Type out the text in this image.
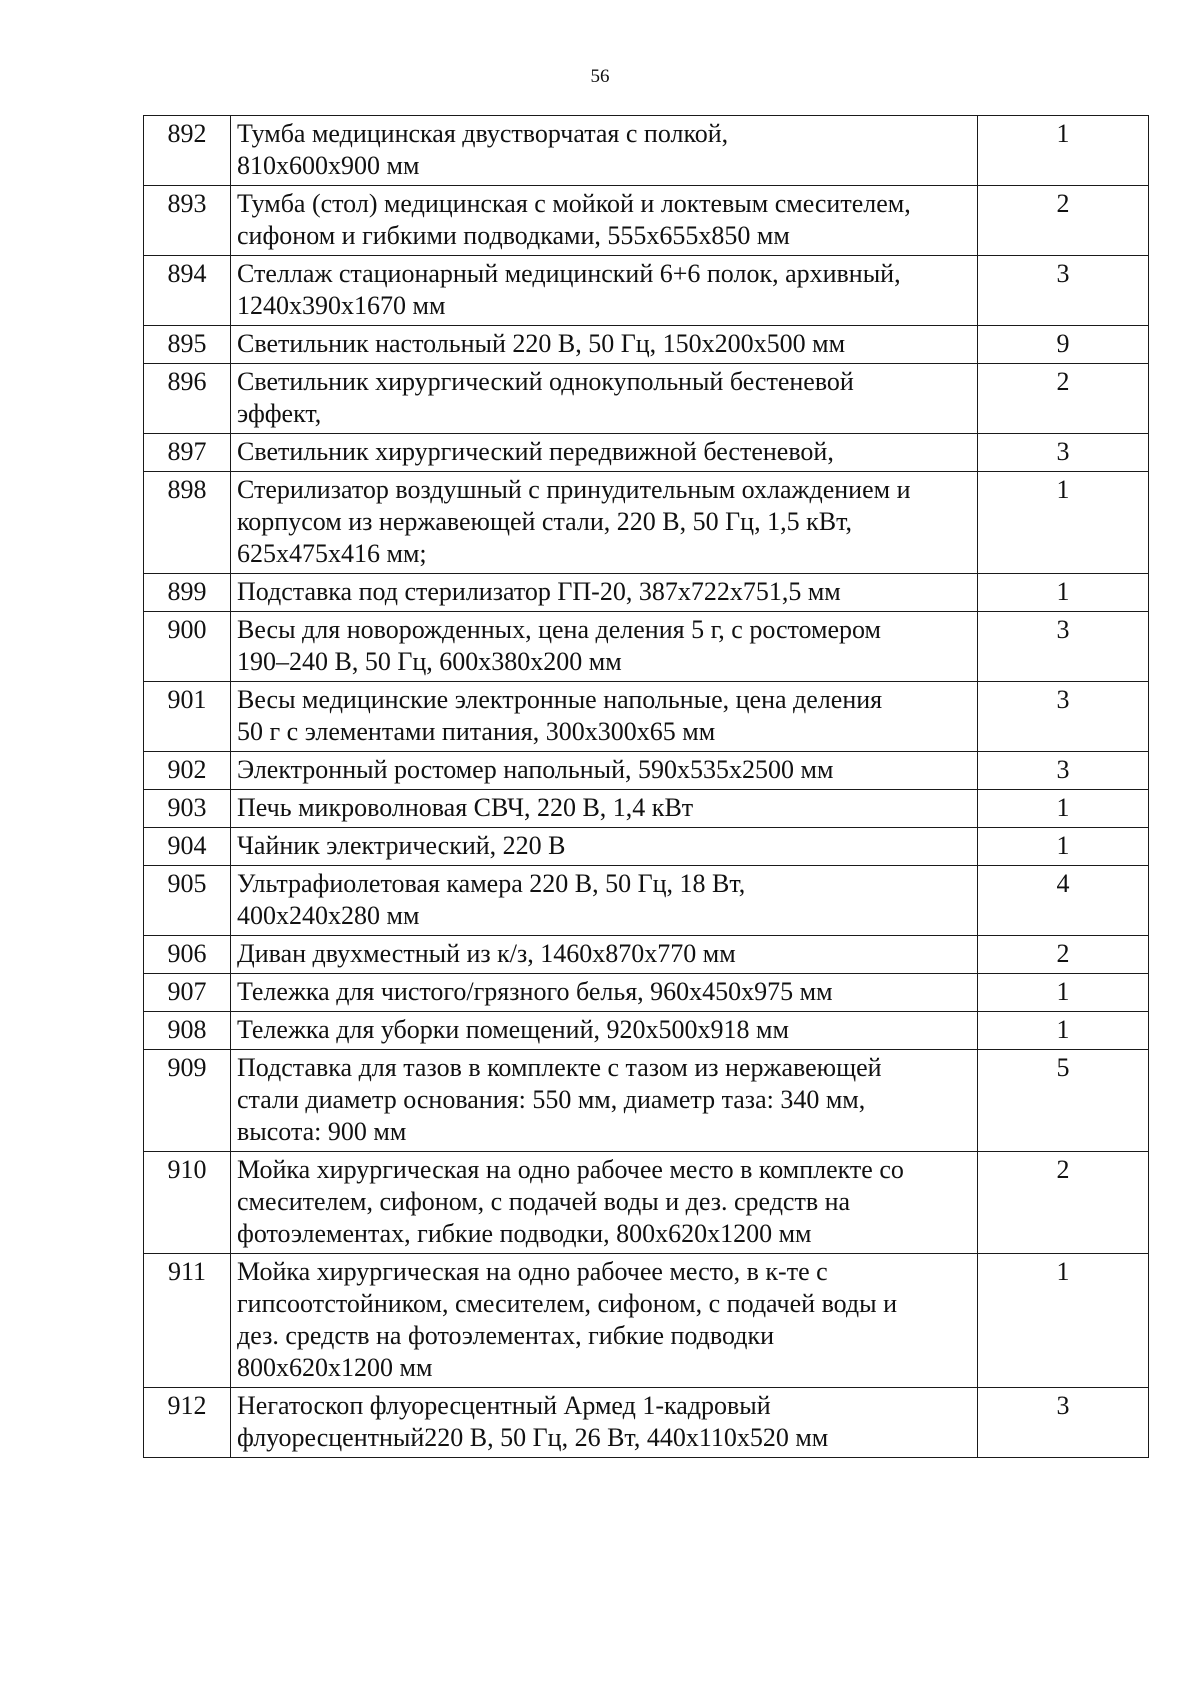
56
892	Тумба медицинская двустворчатая с полкой,
810х600х900 мм	1
893	Тумба (стол) медицинская с мойкой и локтевым смесителем,
сифоном и гибкими подводками, 555х655х850 мм	2
894	Стеллаж стационарный медицинский 6+6 полок, архивный,
1240х390х1670 мм	3
895	Светильник настольный 220 В, 50 Гц, 150х200х500 мм	9
896	Светильник хирургический однокупольный бестеневой
эффект,	2
897	Светильник хирургический передвижной бестеневой,	3
898	Стерилизатор воздушный с принудительным охлаждением и
корпусом из нержавеющей стали, 220 В, 50 Гц, 1,5 кВт,
625х475х416 мм;	1
899	Подставка под стерилизатор ГП-20, 387х722х751,5 мм	1
900	Весы для новорожденных, цена деления 5 г, с ростомером
190–240 В, 50 Гц, 600х380х200 мм	3
901	Весы медицинские электронные напольные, цена деления
50 г с элементами питания, 300х300х65 мм	3
902	Электронный ростомер напольный, 590х535х2500 мм	3
903	Печь микроволновая СВЧ, 220 В, 1,4 кВт	1
904	Чайник электрический, 220 В	1
905	Ультрафиолетовая камера 220 В, 50 Гц, 18 Вт,
400х240х280 мм	4
906	Диван двухместный из к/з, 1460х870х770 мм	2
907	Тележка для чистого/грязного белья, 960х450х975 мм	1
908	Тележка для уборки помещений, 920х500х918 мм	1
909	Подставка для тазов в комплекте с тазом из нержавеющей
стали диаметр основания: 550 мм, диаметр таза: 340 мм,
высота: 900 мм	5
910	Мойка хирургическая на одно рабочее место в комплекте со
смесителем, сифоном, с подачей воды и дез. средств на
фотоэлементах, гибкие подводки, 800х620х1200 мм	2
911	Мойка хирургическая на одно рабочее место, в к-те с
гипсоотстойником, смесителем, сифоном, с подачей воды и
дез. средств на фотоэлементах, гибкие подводки
800х620х1200 мм	1
912	Негатоскоп флуоресцентный Армед 1-кадровый
флуоресцентный220 В, 50 Гц, 26 Вт, 440х110х520 мм	3
